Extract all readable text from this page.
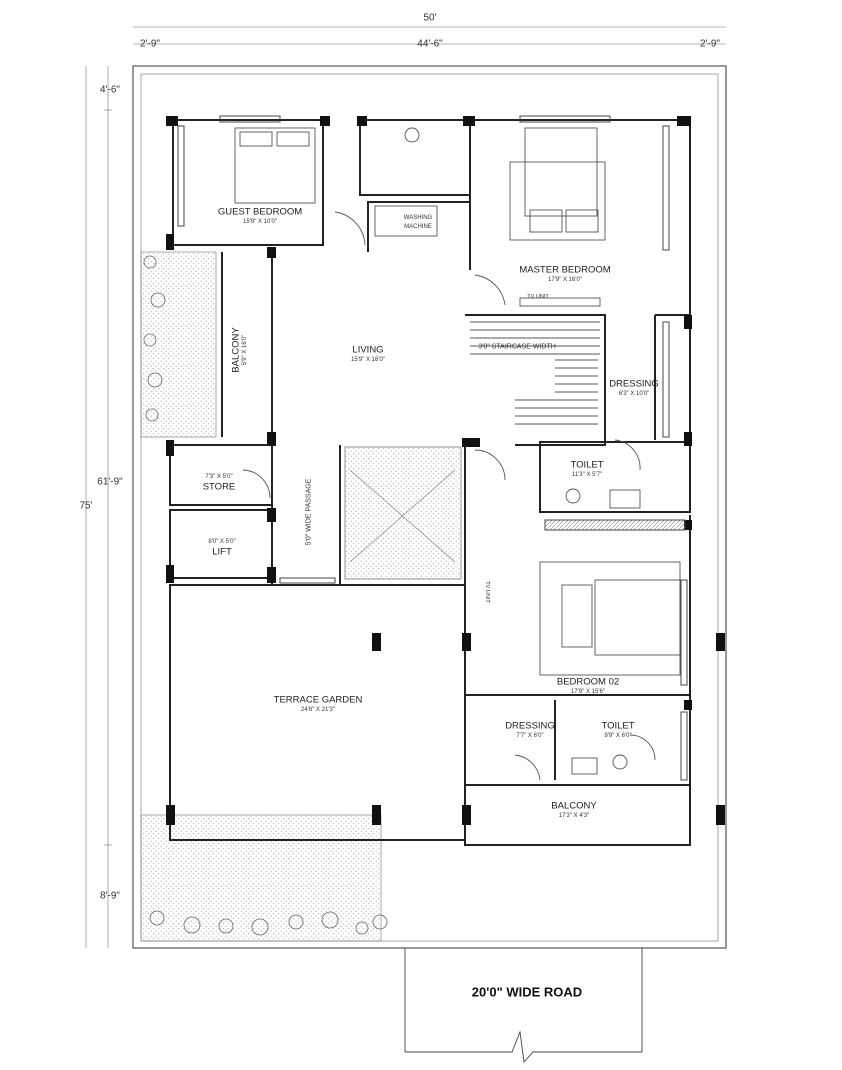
50'
2'-9"	44'-6"	2'-9"
4'-6"
61'-9"
75'
8'-9"
GUEST BEDROOM
15'9" X 10'0"
WASHING
MACHINE
MASTER BEDROOM
17'9" X 16'0"
TV UNIT
BALCONY 5'9" X 16'0"	LIVING
15'9" X 16'0"
3'0" STAIRCASE WIDTH
DRESSING
6'3" X 10'0"
7'3" X 5'0"
STORE
TOILET
11'3" X 5'7"
5'0" WIDE PASSAGE
8'0" X 5'0"
LIFT
TV UNIT
TERRACE GARDEN
24'6" X 21'3"
BEDROOM 02
17'9" X 15'6"
DRESSING
7'7" X 6'0"
TOILET
9'9" X 6'0"
BALCONY
17'3" X 4'3"
20'0" WIDE ROAD
